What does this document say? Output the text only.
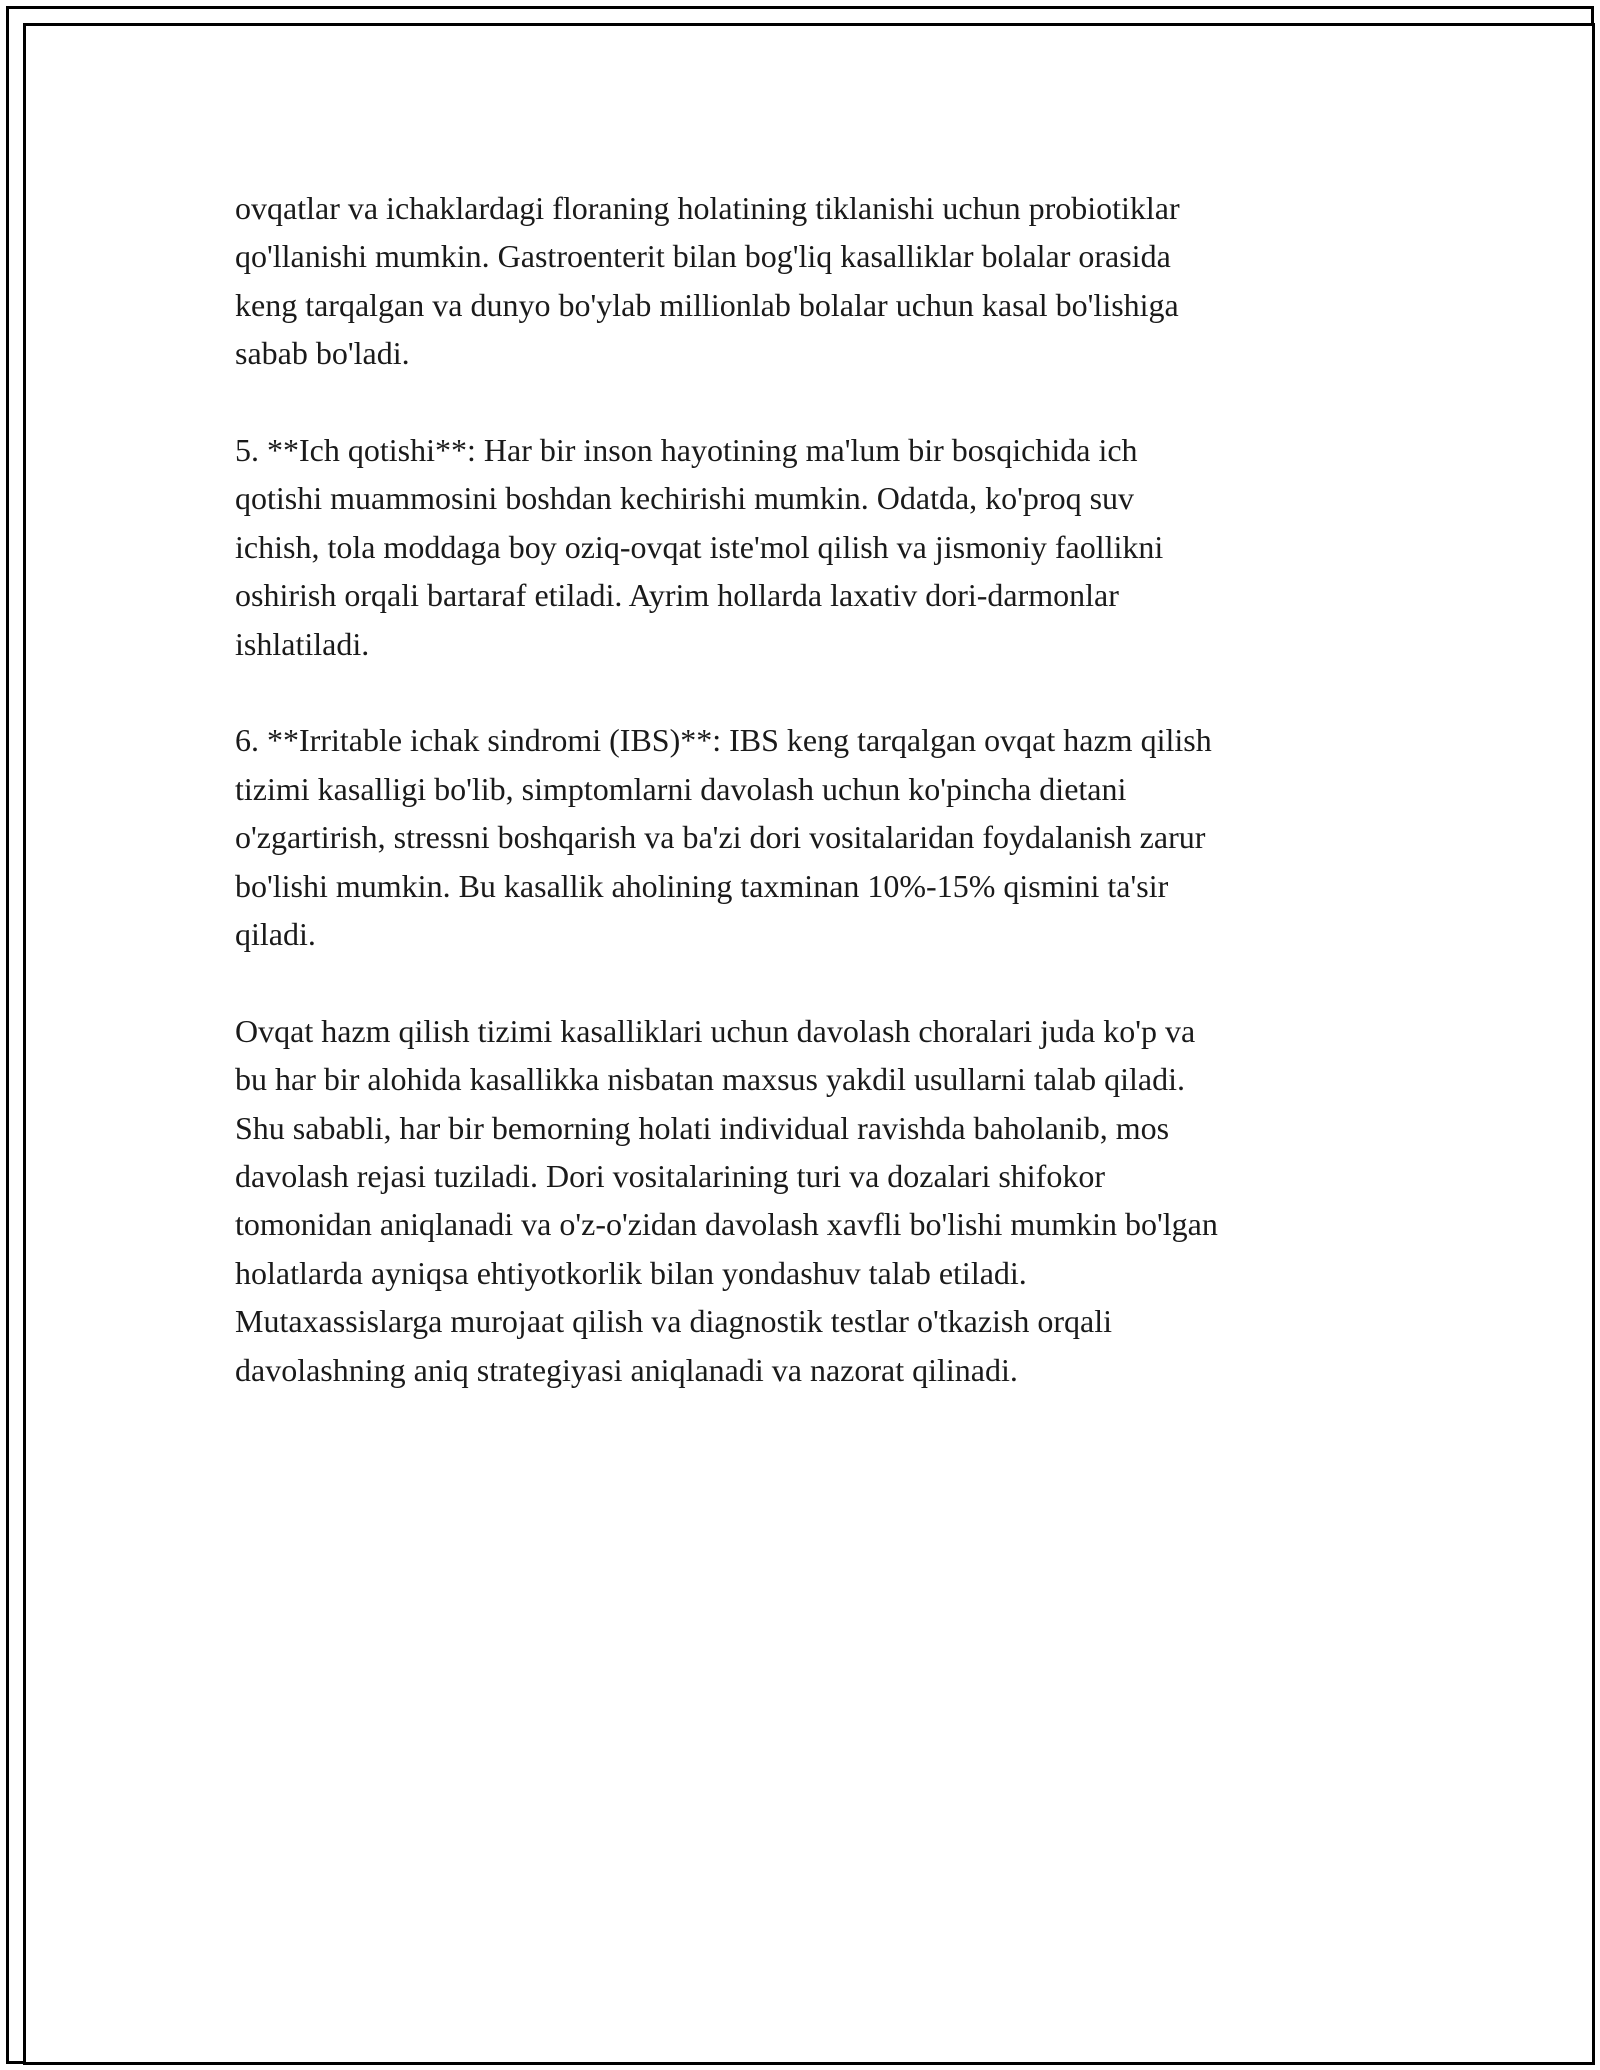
ovqatlar va ichaklardagi floraning holatining tiklanishi uchun probiotiklar
qo'llanishi mumkin. Gastroenterit bilan bog'liq kasalliklar bolalar orasida
keng tarqalgan va dunyo bo'ylab millionlab bolalar uchun kasal bo'lishiga
sabab bo'ladi.

5. **Ich qotishi**: Har bir inson hayotining ma'lum bir bosqichida ich
qotishi muammosini boshdan kechirishi mumkin. Odatda, ko'proq suv
ichish, tola moddaga boy oziq-ovqat iste'mol qilish va jismoniy faollikni
oshirish orqali bartaraf etiladi. Ayrim hollarda laxativ dori-darmonlar
ishlatiladi.

6. **Irritable ichak sindromi (IBS)**: IBS keng tarqalgan ovqat hazm qilish
tizimi kasalligi bo'lib, simptomlarni davolash uchun ko'pincha dietani
o'zgartirish, stressni boshqarish va ba'zi dori vositalaridan foydalanish zarur
bo'lishi mumkin. Bu kasallik aholining taxminan 10%-15% qismini ta'sir
qiladi.

Ovqat hazm qilish tizimi kasalliklari uchun davolash choralari juda ko'p va
bu har bir alohida kasallikka nisbatan maxsus yakdil usullarni talab qiladi.
Shu sababli, har bir bemorning holati individual ravishda baholanib, mos
davolash rejasi tuziladi. Dori vositalarining turi va dozalari shifokor
tomonidan aniqlanadi va o'z-o'zidan davolash xavfli bo'lishi mumkin bo'lgan
holatlarda ayniqsa ehtiyotkorlik bilan yondashuv talab etiladi.
Mutaxassislarga murojaat qilish va diagnostik testlar o'tkazish orqali
davolashning aniq strategiyasi aniqlanadi va nazorat qilinadi.
